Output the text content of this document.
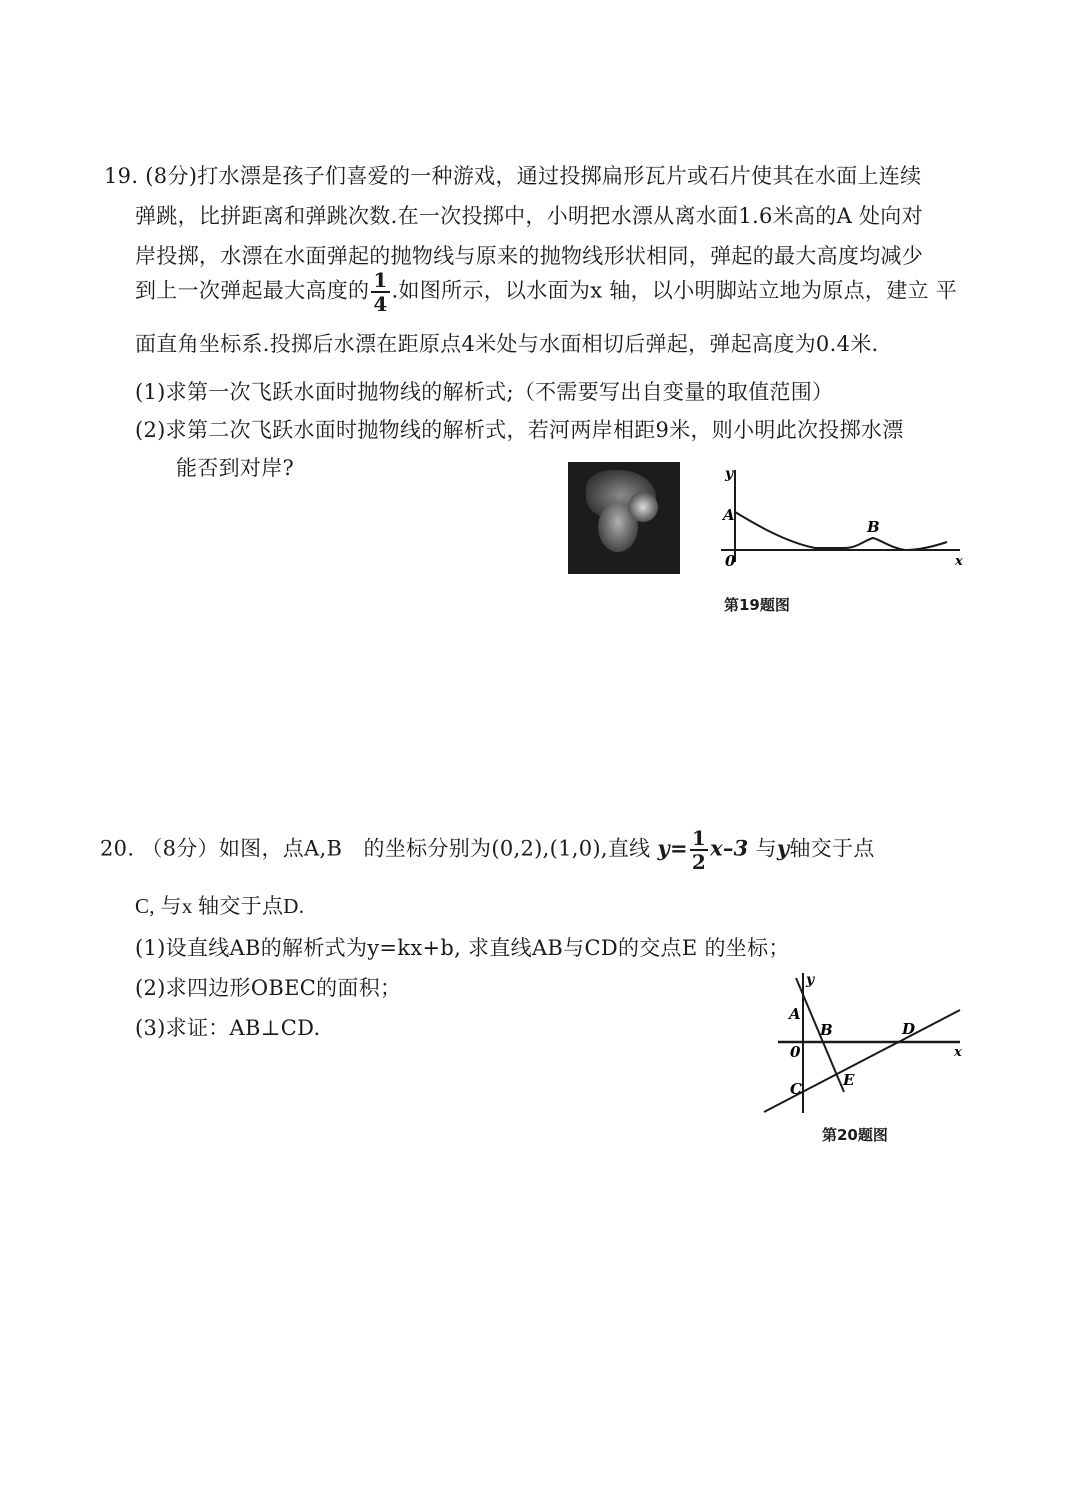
19. (8分)打水漂是孩子们喜爱的一种游戏，通过投掷扁形瓦片或石片使其在水面上连续
弹跳，比拼距离和弹跳次数.在一次投掷中，小明把水漂从离水面1.6米高的A 处向对
岸投掷，水漂在水面弹起的抛物线与原来的抛物线形状相同，弹起的最大高度均减少
到上一次弹起最大高度的 $\frac{1}{4}$ .如图所示，以水面为x 轴，以小明脚站立地为原点，建立 平
面直角坐标系.投掷后水漂在距原点4米处与水面相切后弹起，弹起高度为0.4米.
(1)求第一次飞跃水面时抛物线的解析式;（不需要写出自变量的取值范围）
(2)求第二次飞跃水面时抛物线的解析式，若河两岸相距9米，则小明此次投掷水漂
能否到对岸?	y
A
B
0	x
第19题图
20. （8分）如图，点A,B　的坐标分别为(0,2),(1,0),直线 $y= \frac{1}{2} x-3$ 与y轴交于点
C, 与x 轴交于点D.
(1)设直线AB的解析式为y=kx+b, 求直线AB与CD的交点E 的坐标；
(2)求四边形OBEC的面积；
(3)求证：AB⊥CD.
y
A
B
0
D
x
C	E
第20题图
